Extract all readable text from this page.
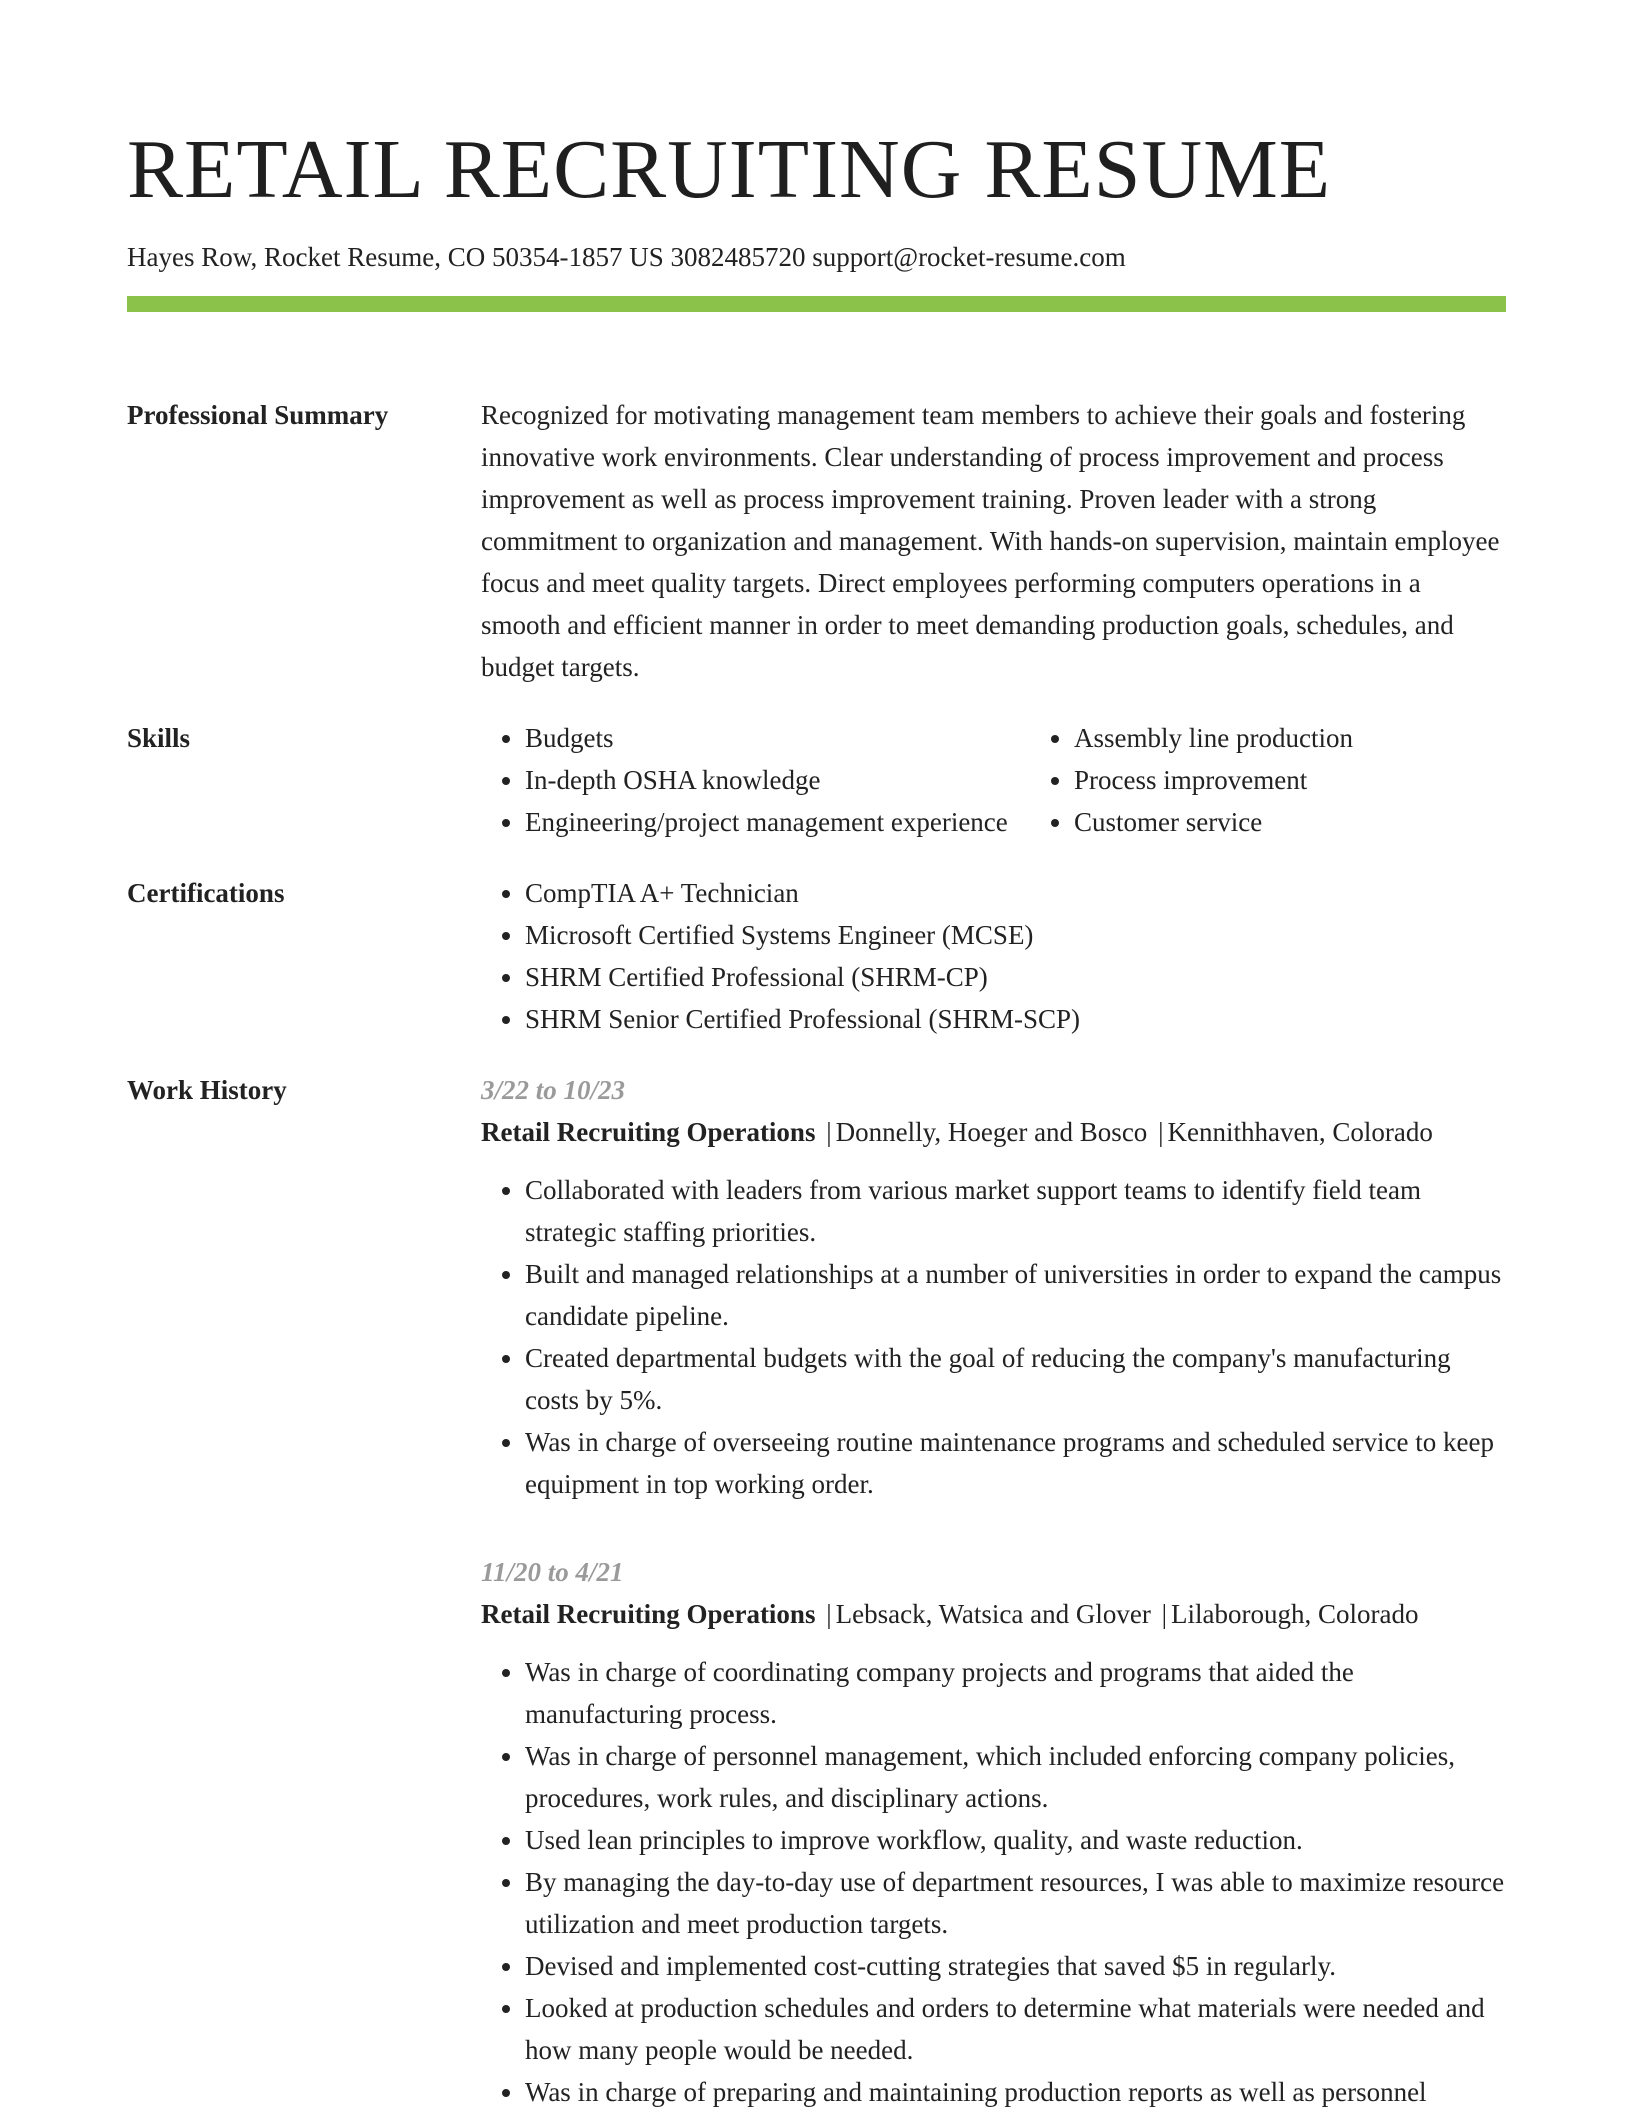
RETAIL RECRUITING RESUME
Hayes Row, Rocket Resume, CO 50354-1857 US 3082485720 support@rocket-resume.com
Professional Summary	Recognized for motivating management team members to achieve their goals and fostering innovative work environments. Clear understanding of process improvement and process improvement as well as process improvement training. Proven leader with a strong commitment to organization and management. With hands-on supervision, maintain employee focus and meet quality targets. Direct employees performing computers operations in a smooth and efficient manner in order to meet demanding production goals, schedules, and budget targets.

Skills	• Budgets
• In-depth OSHA knowledge
• Engineering/project management experience
• Assembly line production
• Process improvement
• Customer service
Certifications	• CompTIA A+ Technician
• Microsoft Certified Systems Engineer (MCSE)
• SHRM Certified Professional (SHRM-CP)
• SHRM Senior Certified Professional (SHRM-SCP)
Work History	3/22 to 10/23
Retail Recruiting Operations | Donnelly, Hoeger and Bosco | Kennithhaven, Colorado
• Collaborated with leaders from various market support teams to identify field team strategic staffing priorities.
• Built and managed relationships at a number of universities in order to expand the campus candidate pipeline.
• Created departmental budgets with the goal of reducing the company's manufacturing costs by 5%.
• Was in charge of overseeing routine maintenance programs and scheduled service to keep equipment in top working order.
11/20 to 4/21
Retail Recruiting Operations | Lebsack, Watsica and Glover | Lilaborough, Colorado
• Was in charge of coordinating company projects and programs that aided the manufacturing process.
• Was in charge of personnel management, which included enforcing company policies, procedures, work rules, and disciplinary actions.
• Used lean principles to improve workflow, quality, and waste reduction.
• By managing the day-to-day use of department resources, I was able to maximize resource utilization and meet production targets.
• Devised and implemented cost-cutting strategies that saved $5 in regularly.
• Looked at production schedules and orders to determine what materials were needed and how many people would be needed.
• Was in charge of preparing and maintaining production reports as well as personnel
